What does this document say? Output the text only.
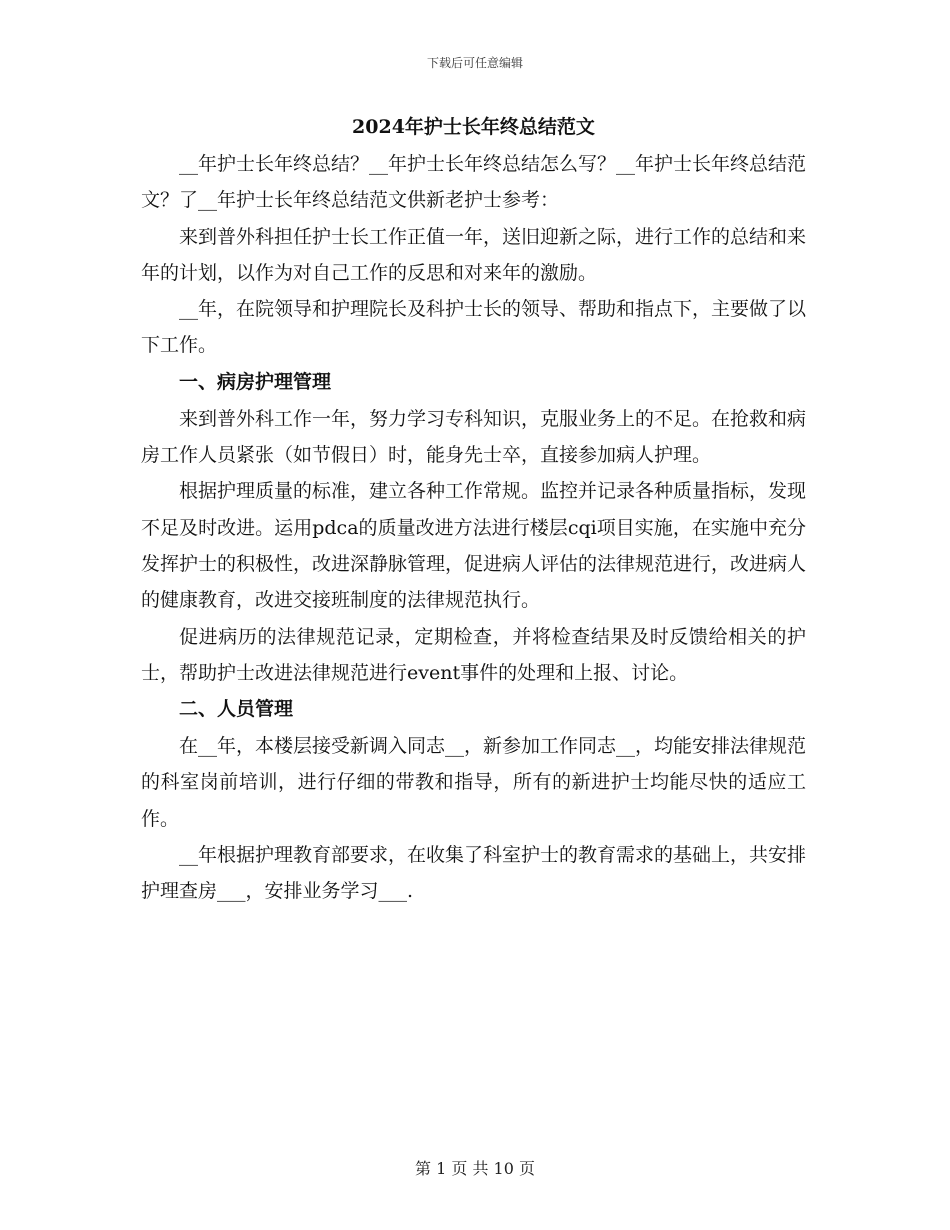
下载后可任意编辑
2024年护士长年终总结范文

__年护士长年终总结？__年护士长年终总结怎么写？__年护士长年终总结范文？了__年护士长年终总结范文供新老护士参考：

来到普外科担任护士长工作正值一年，送旧迎新之际，进行工作的总结和来年的计划，以作为对自己工作的反思和对来年的激励。

__年，在院领导和护理院长及科护士长的领导、帮助和指点下，主要做了以下工作。

一、病房护理管理

来到普外科工作一年，努力学习专科知识，克服业务上的不足。在抢救和病房工作人员紧张（如节假日）时，能身先士卒，直接参加病人护理。

根据护理质量的标准，建立各种工作常规。监控并记录各种质量指标，发现不足及时改进。运用pdca的质量改进方法进行楼层cqi项目实施，在实施中充分发挥护士的积极性，改进深静脉管理，促进病人评估的法律规范进行，改进病人的健康教育，改进交接班制度的法律规范执行。

促进病历的法律规范记录，定期检查，并将检查结果及时反馈给相关的护士，帮助护士改进法律规范进行event事件的处理和上报、讨论。

二、人员管理

在__年，本楼层接受新调入同志__，新参加工作同志__，均能安排法律规范的科室岗前培训，进行仔细的带教和指导，所有的新进护士均能尽快的适应工作。

__年根据护理教育部要求，在收集了科室护士的教育需求的基础上，共安排护理查房___，安排业务学习___.

第 1 页 共 10 页
